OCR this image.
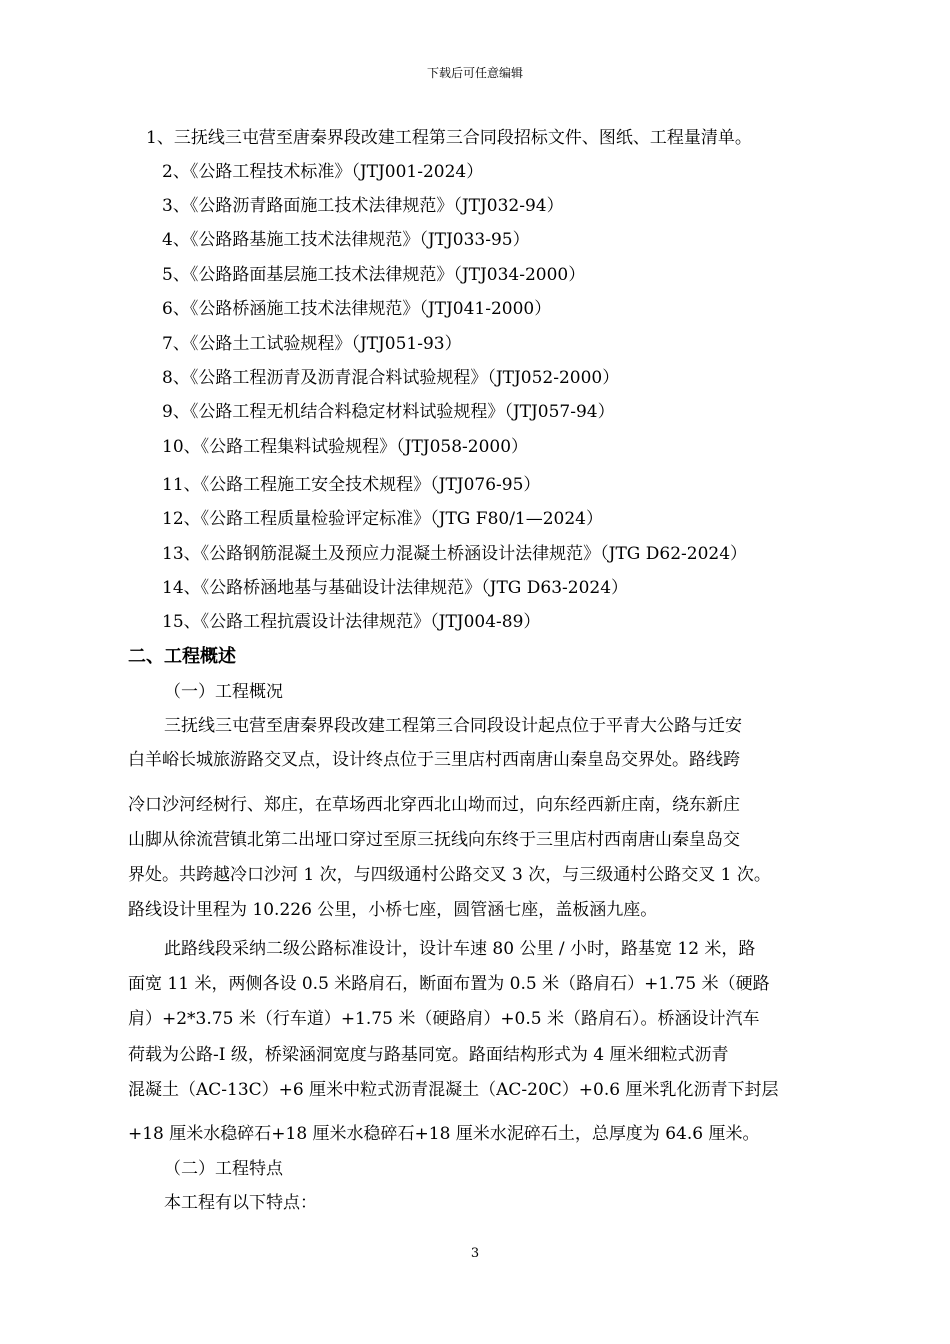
下载后可任意编辑
1、三抚线三屯营至唐秦界段改建工程第三合同段招标文件、图纸、工程量清单。
2、《公路工程技术标准》（JTJ001-2024）
3、《公路沥青路面施工技术法律规范》（JTJ032-94）
4、《公路路基施工技术法律规范》（JTJ033-95）
5、《公路路面基层施工技术法律规范》（JTJ034-2000）
6、《公路桥涵施工技术法律规范》（JTJ041-2000）
7、《公路土工试验规程》（JTJ051-93）
8、《公路工程沥青及沥青混合料试验规程》（JTJ052-2000）
9、《公路工程无机结合料稳定材料试验规程》（JTJ057-94）
10、《公路工程集料试验规程》（JTJ058-2000）
11、《公路工程施工安全技术规程》（JTJ076-95）
12、《公路工程质量检验评定标准》（JTG F80/1—2024）
13、《公路钢筋混凝土及预应力混凝土桥涵设计法律规范》（JTG D62-2024）
14、《公路桥涵地基与基础设计法律规范》（JTG D63-2024）
15、《公路工程抗震设计法律规范》（JTJ004-89）
二、工程概述
（一）工程概况
三抚线三屯营至唐秦界段改建工程第三合同段设计起点位于平青大公路与迁安
白羊峪长城旅游路交叉点，设计终点位于三里店村西南唐山秦皇岛交界处。路线跨
冷口沙河经树行、郑庄，在草场西北穿西北山坳而过，向东经西新庄南，绕东新庄
山脚从徐流营镇北第二出垭口穿过至原三抚线向东终于三里店村西南唐山秦皇岛交
界处。共跨越冷口沙河 1 次，与四级通村公路交叉 3 次，与三级通村公路交叉 1 次。
路线设计里程为 10.226 公里，小桥七座，圆管涵七座，盖板涵九座。
此路线段采纳二级公路标准设计，设计车速 80 公里 / 小时，路基宽 12 米，路
面宽 11 米，两侧各设 0.5 米路肩石，断面布置为 0.5 米（路肩石）+1.75 米（硬路
肩）+2*3.75 米（行车道）+1.75 米（硬路肩）+0.5 米（路肩石）。桥涵设计汽车
荷载为公路-Ⅰ 级，桥梁涵洞宽度与路基同宽。路面结构形式为 4 厘米细粒式沥青
混凝土（AC-13C）+6 厘米中粒式沥青混凝土（AC-20C）+0.6 厘米乳化沥青下封层
+18 厘米水稳碎石+18 厘米水稳碎石+18 厘米水泥碎石土，总厚度为 64.6 厘米。
（二）工程特点
本工程有以下特点：
3
